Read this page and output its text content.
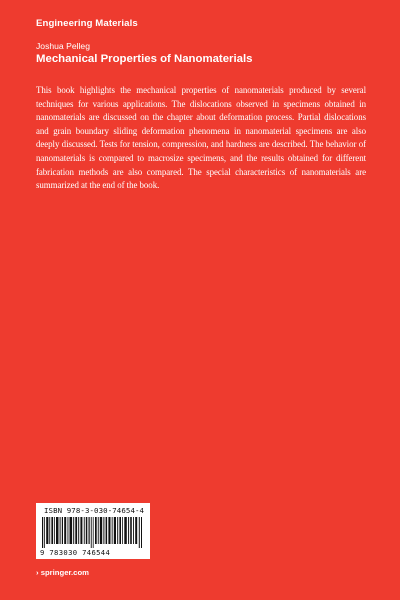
Engineering Materials
Joshua Pelleg
Mechanical Properties of Nanomaterials
This book highlights the mechanical properties of nanomaterials produced by several techniques for various applications. The dislocations observed in specimens obtained in nanomaterials are discussed on the chapter about deformation process. Partial dislocations and grain boundary sliding deformation phenomena in nanomaterial specimens are also deeply discussed. Tests for tension, compression, and hardness are described. The behavior of nanomaterials is compared to macrosize specimens, and the results obtained for different fabrication methods are also compared. The special characteristics of nanomaterials are summarized at the end of the book.
ISBN 978-3-030-74654-4
9 783030 746544
› springer.com
